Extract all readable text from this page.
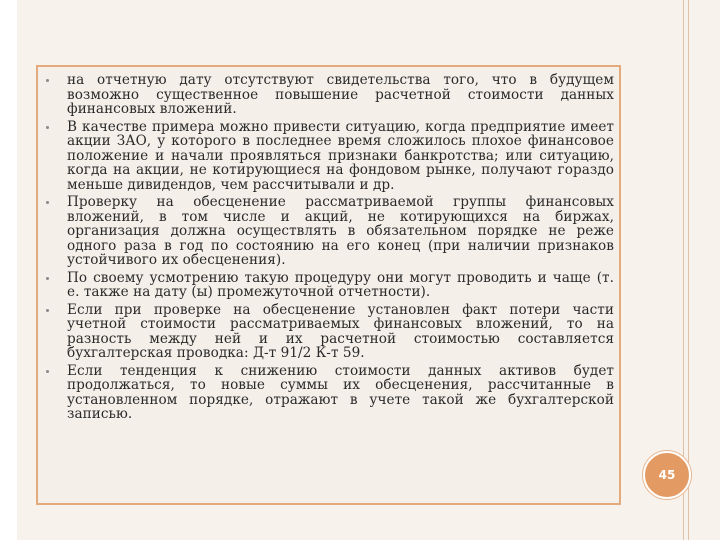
на отчетную дату отсутствуют свидетельства того, что в будущем возможно существенное повышение расчетной стоимости данных финансовых вложений.
В качестве примера можно привести ситуацию, когда предприятие имеет акции ЗАО, у которого в последнее время сложилось плохое финансовое положение и начали проявляться признаки банкротства; или ситуацию, когда на акции, не котирующиеся на фондовом рынке, получают гораздо меньше дивидендов, чем рассчитывали и др.
Проверку на обесценение рассматриваемой группы финансовых вложений, в том числе и акций, не котирующихся на биржах, организация должна осуществлять в обязательном порядке не реже одного раза в год по состоянию на его конец (при наличии признаков устойчивого их обесценения).
По своему усмотрению такую процедуру они могут проводить и чаще (т. е. также на дату (ы) промежуточной отчетности).
Если при проверке на обесценение установлен факт потери части учетной стоимости рассматриваемых финансовых вложений, то на разность между ней и их расчетной стоимостью составляется бухгалтерская проводка: Д-т 91/2 К-т 59.
Если тенденция к снижению стоимости данных активов будет продолжаться, то новые суммы их обесценения, рассчитанные в установленном порядке, отражают в учете такой же бухгалтерской записью.
45
